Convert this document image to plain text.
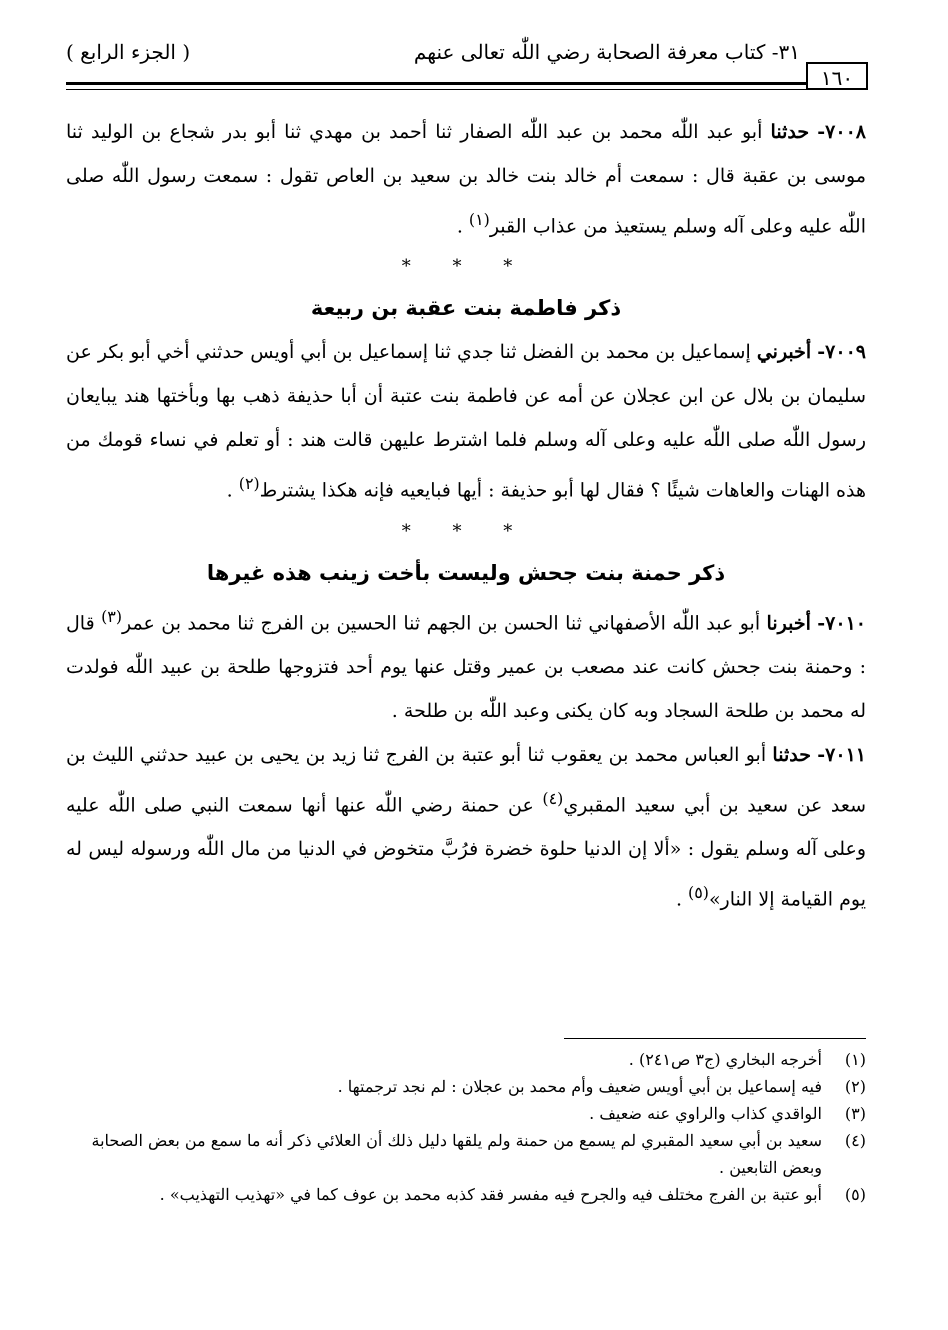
٣١- كتاب معرفة الصحابة رضي اللّٰه تعالى عنهم
( الجزء الرابع )
١٦٠

٧٠٠٨- حدثنا أبو عبد اللّٰه محمد بن عبد اللّٰه الصفار ثنا أحمد بن مهدي ثنا أبو بدر شجاع بن الوليد ثنا موسى بن عقبة قال : سمعت أم خالد بنت خالد بن سعيد بن العاص تقول : سمعت رسول اللّٰه صلى اللّٰه عليه وعلى آله وسلم يستعيذ من عذاب القبر$^{(١)}$ .

* * *
ذكر فاطمة بنت عقبة بن ربيعة

٧٠٠٩- أخبرني إسماعيل بن محمد بن الفضل ثنا جدي ثنا إسماعيل بن أبي أويس حدثني أخي أبو بكر عن سليمان بن بلال عن ابن عجلان عن أمه عن فاطمة بنت عتبة أن أبا حذيفة ذهب بها وبأختها هند يبايعان رسول اللّٰه صلى اللّٰه عليه وعلى آله وسلم فلما اشترط عليهن قالت هند : أو تعلم في نساء قومك من هذه الهنات والعاهات شيئًا ؟ فقال لها أبو حذيفة : أيها فبايعيه فإنه هكذا يشترط$^{(٢)}$ .

* * *
ذكر حمنة بنت جحش وليست بأخت زينب هذه غيرها

٧٠١٠- أخبرنا أبو عبد اللّٰه الأصفهاني ثنا الحسن بن الجهم ثنا الحسين بن الفرج ثنا محمد بن عمر$^{(٣)}$ قال : وحمنة بنت جحش كانت عند مصعب بن عمير وقتل عنها يوم أحد فتزوجها طلحة بن عبيد اللّٰه فولدت له محمد بن طلحة السجاد وبه كان يكنى وعبد اللّٰه بن طلحة .

٧٠١١- حدثنا أبو العباس محمد بن يعقوب ثنا أبو عتبة بن الفرج ثنا زيد بن يحيى بن عبيد حدثني الليث بن سعد عن سعيد بن أبي سعيد المقبري$^{(٤)}$ عن حمنة رضي اللّٰه عنها أنها سمعت النبي صلى اللّٰه عليه وعلى آله وسلم يقول : «ألا إن الدنيا حلوة خضرة فرُبَّ متخوض في الدنيا من مال اللّٰه ورسوله ليس له يوم القيامة إلا النار»$^{(٥)}$ .

(١)
أخرجه البخاري (ج٣ ص٢٤١) .
(٢)
فيه إسماعيل بن أبي أويس ضعيف وأم محمد بن عجلان : لم نجد ترجمتها .
(٣)
الواقدي كذاب والراوي عنه ضعيف .
(٤)
سعيد بن أبي سعيد المقبري لم يسمع من حمنة ولم يلقها دليل ذلك أن العلائي ذكر أنه ما سمع من بعض الصحابة وبعض التابعين .
(٥)
أبو عتبة بن الفرج مختلف فيه والجرح فيه مفسر فقد كذبه محمد بن عوف كما في «تهذيب التهذيب» .
